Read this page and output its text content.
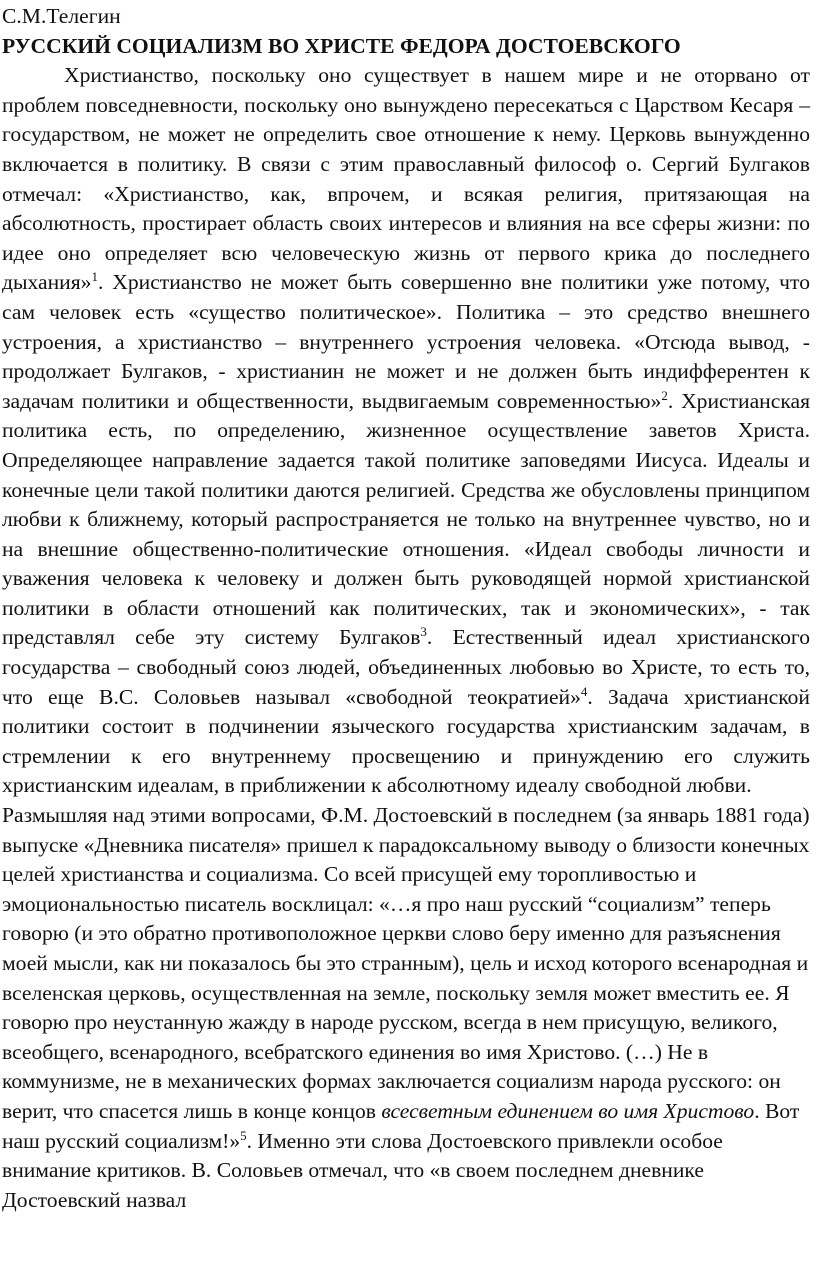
С.М.Телегин
РУССКИЙ СОЦИАЛИЗМ ВО ХРИСТЕ ФЕДОРА ДОСТОЕВСКОГО

Христианство, поскольку оно существует в нашем мире и не оторвано от проблем повседневности, поскольку оно вынуждено пересекаться с Царством Кесаря – государством, не может не определить свое отношение к нему. Церковь вынужденно включается в политику. В связи с этим православный философ о. Сергий Булгаков отмечал: «Христианство, как, впрочем, и всякая религия, притязающая на абсолютность, простирает область своих интересов и влияния на все сферы жизни: по идее оно определяет всю человеческую жизнь от первого крика до последнего дыхания»$^1$. Христианство не может быть совершенно вне политики уже потому, что сам человек есть «существо политическое». Политика – это средство внешнего устроения, а христианство – внутреннего устроения человека. «Отсюда вывод, - продолжает Булгаков, - христианин не может и не должен быть индифферентен к задачам политики и общественности, выдвигаемым современностью»$^2$. Христианская политика есть, по определению, жизненное осуществление заветов Христа. Определяющее направление задается такой политике заповедями Иисуса. Идеалы и конечные цели такой политики даются религией. Средства же обусловлены принципом любви к ближнему, который распространяется не только на внутреннее чувство, но и на внешние общественно-политические отношения. «Идеал свободы личности и уважения человека к человеку и должен быть руководящей нормой христианской политики в области отношений как политических, так и экономических», - так представлял себе эту систему Булгаков$^3$. Естественный идеал христианского государства – свободный союз людей, объединенных любовью во Христе, то есть то, что еще В.С. Соловьев называл «свободной теократией»$^4$. Задача христианской политики состоит в подчинении языческого государства христианским задачам, в стремлении к его внутреннему просвещению и принуждению его служить христианским идеалам, в приближении к абсолютному идеалу свободной любви.

Размышляя над этими вопросами, Ф.М. Достоевский в последнем (за январь 1881 года) выпуске «Дневника писателя» пришел к парадоксальному выводу о близости конечных целей христианства и социализма. Со всей присущей ему торопливостью и эмоциональностью писатель восклицал: «…я про наш русский “социализм” теперь говорю (и это обратно противоположное церкви слово беру именно для разъяснения моей мысли, как ни показалось бы это странным), цель и исход которого всенародная и вселенская церковь, осуществленная на земле, поскольку земля может вместить ее. Я говорю про неустанную жажду в народе русском, всегда в нем присущую, великого, всеобщего, всенародного, всебратского единения во имя Христово. (…) Не в коммунизме, не в механических формах заключается социализм народа русского: он верит, что спасется лишь в конце концов всесветным единением во имя Христово. Вот наш русский социализм!»$^5$. Именно эти слова Достоевского привлекли особое внимание критиков. В. Соловьев отмечал, что «в своем последнем дневнике Достоевский назвал
